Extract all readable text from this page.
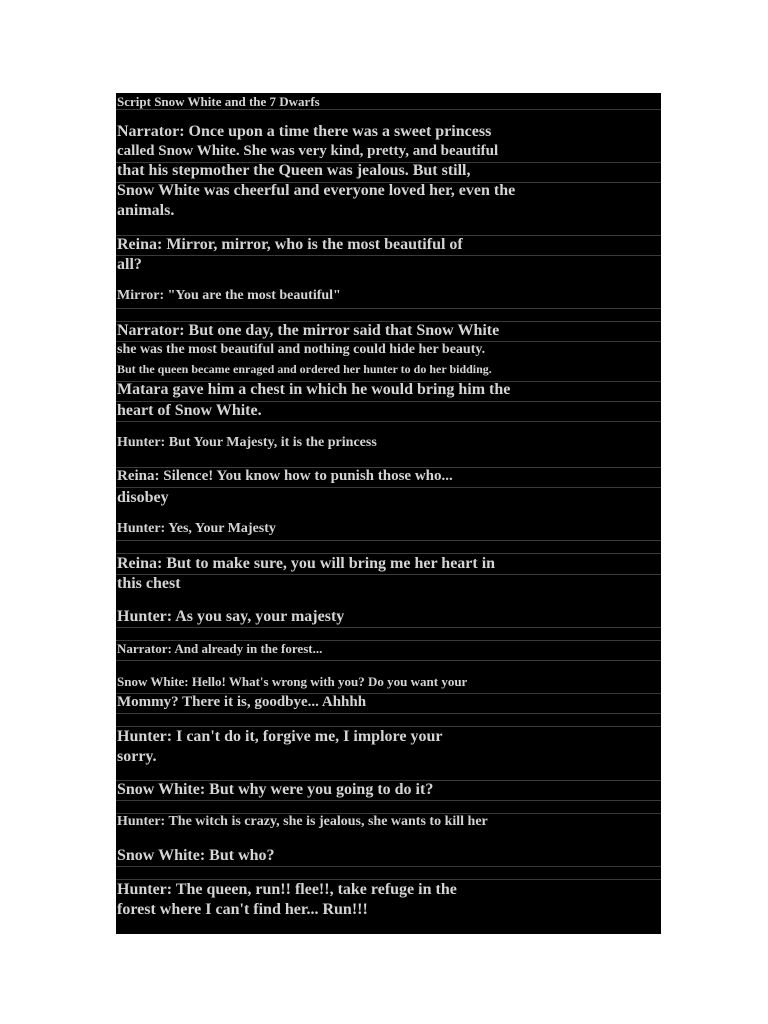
Script Snow White and the 7 Dwarfs
Narrator: Once upon a time there was a sweet princess
called Snow White. She was very kind, pretty, and beautiful
that his stepmother the Queen was jealous. But still,
Snow White was cheerful and everyone loved her, even the
animals.
Reina: Mirror, mirror, who is the most beautiful of
all?
Mirror: "You are the most beautiful"
Narrator: But one day, the mirror said that Snow White
she was the most beautiful and nothing could hide her beauty.
But the queen became enraged and ordered her hunter to do her bidding.
Matara gave him a chest in which he would bring him the
heart of Snow White.
Hunter: But Your Majesty, it is the princess
Reina: Silence! You know how to punish those who...
disobey
Hunter: Yes, Your Majesty
Reina: But to make sure, you will bring me her heart in
this chest
Hunter: As you say, your majesty
Narrator: And already in the forest...
Snow White: Hello! What's wrong with you? Do you want your
Mommy? There it is, goodbye... Ahhhh
Hunter: I can't do it, forgive me, I implore your
sorry.
Snow White: But why were you going to do it?
Hunter: The witch is crazy, she is jealous, she wants to kill her
Snow White: But who?
Hunter: The queen, run!! flee!!, take refuge in the
forest where I can't find her... Run!!!
